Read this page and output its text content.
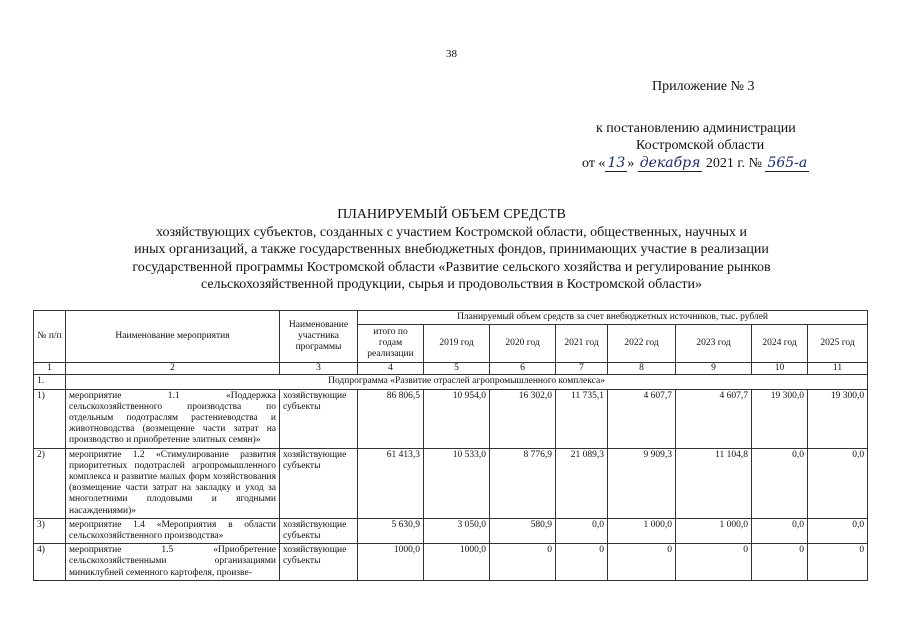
38
Приложение № 3
к постановлению администрации
Костромской области
от « 13 » декабря 2021 г. № 565-а
ПЛАНИРУЕМЫЙ ОБЪЕМ СРЕДСТВ
хозяйствующих субъектов, созданных с участием Костромской области, общественных, научных и
иных организаций, а также государственных внебюджетных фондов, принимающих участие в реализации
государственной программы Костромской области «Развитие сельского хозяйства и регулирование рынков
сельскохозяйственной продукции, сырья и продовольствия в Костромской области»
№ п/п	Наименование мероприятия	Наименование участника программы	Планируемый объем средств за счет внебюджетных источников, тыс. рублей							
			итого по годам реализации	2019 год	2020 год	2021 год	2022 год	2023 год	2024 год	2025 год
1	2	3	4	5	6	7	8	9	10	11
1.	Подпрограмма «Развитие отраслей агропромышленного комплекса»									
1)	мероприятие 1.1 «Поддержка сельскохозяйственного производства по отдельным подотраслям растениеводства и животноводства (возмещение части затрат на производство и приобретение элитных семян)»	хозяйствующие субъекты	86 806,5	10 954,0	16 302,0	11 735,1	4 607,7	4 607,7	19 300,0	19 300,0
2)	мероприятие 1.2 «Стимулирование развития приоритетных подотраслей агропромышленного комплекса и развитие малых форм хозяйствования (возмещение части затрат на закладку и уход за многолетними плодовыми и ягодными насаждениями)»	хозяйствующие субъекты	61 413,3	10 533,0	8 776,9	21 089,3	9 909,3	11 104,8	0,0	0,0
3)	мероприятие 1.4 «Мероприятия в области сельскохозяйственного производства»	хозяйствующие субъекты	5 630,9	3 050,0	580,9	0,0	1 000,0	1 000,0	0,0	0,0
4)	мероприятие 1.5 «Приобретение сельскохозяйственными организациями миниклубней семенного картофеля, произве-	хозяйствующие субъекты	1000,0	1000,0	0	0	0	0	0	0
